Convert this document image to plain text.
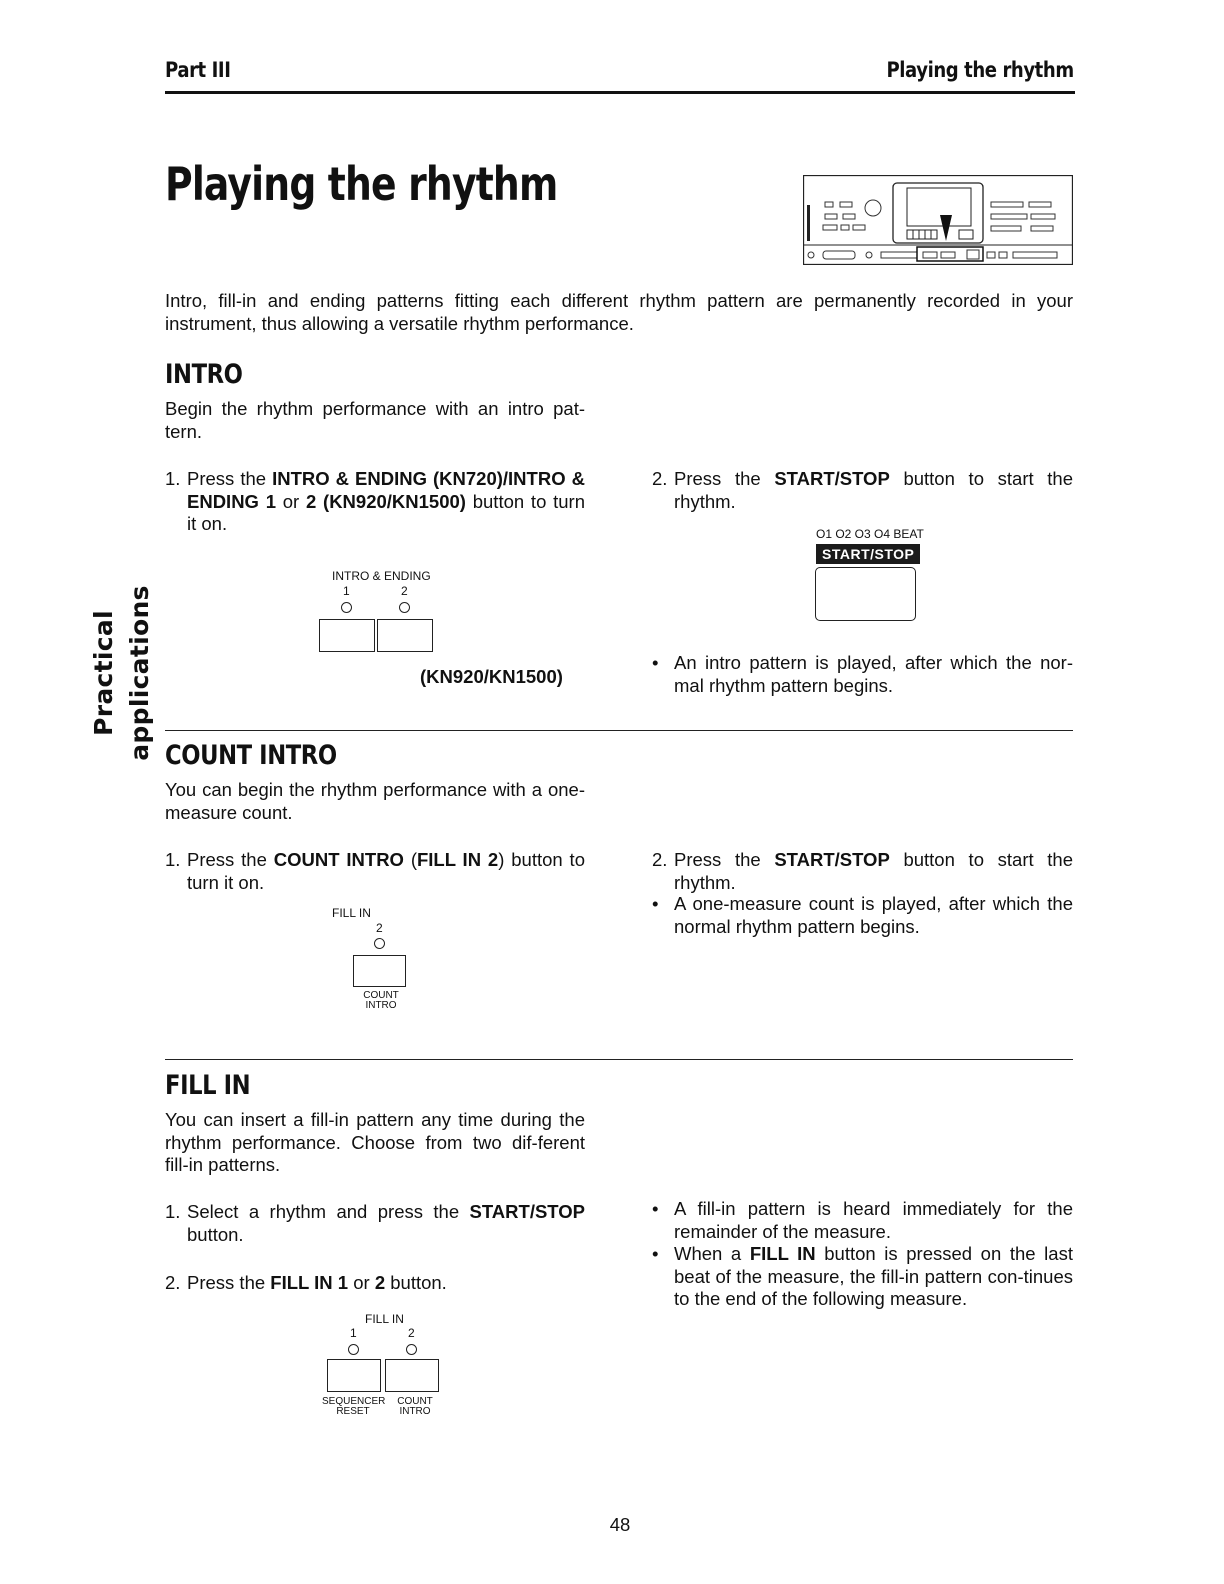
Part III	Playing the rhythm
Playing the rhythm
Intro, fill-in and ending patterns fitting each different rhythm pattern are permanently recorded in your instrument, thus allowing a versatile rhythm performance.
Practical applications
INTRO
Begin the rhythm performance with an intro pat-tern.
1. Press the INTRO & ENDING (KN720)/INTRO & ENDING 1 or 2 (KN920/KN1500) button to turn it on.
INTRO & ENDING
1	2
(KN920/KN1500)
2. Press the START/STOP button to start the rhythm.
O1 O2 O3 O4 BEAT
START/STOP
• An intro pattern is played, after which the nor-mal rhythm pattern begins.
COUNT INTRO
You can begin the rhythm performance with a one-measure count.
1. Press the COUNT INTRO (FILL IN 2) button to turn it on.
FILL IN
2
COUNT INTRO
2. Press the START/STOP button to start the rhythm.
• A one-measure count is played, after which the normal rhythm pattern begins.
FILL IN
You can insert a fill-in pattern any time during the rhythm performance. Choose from two dif-ferent fill-in patterns.
1. Select a rhythm and press the START/STOP button.
2. Press the FILL IN 1 or 2 button.
FILL IN
1	2
SEQUENCER RESET
COUNT INTRO
• A fill-in pattern is heard immediately for the remainder of the measure.
• When a FILL IN button is pressed on the last beat of the measure, the fill-in pattern con-tinues to the end of the following measure.
48
